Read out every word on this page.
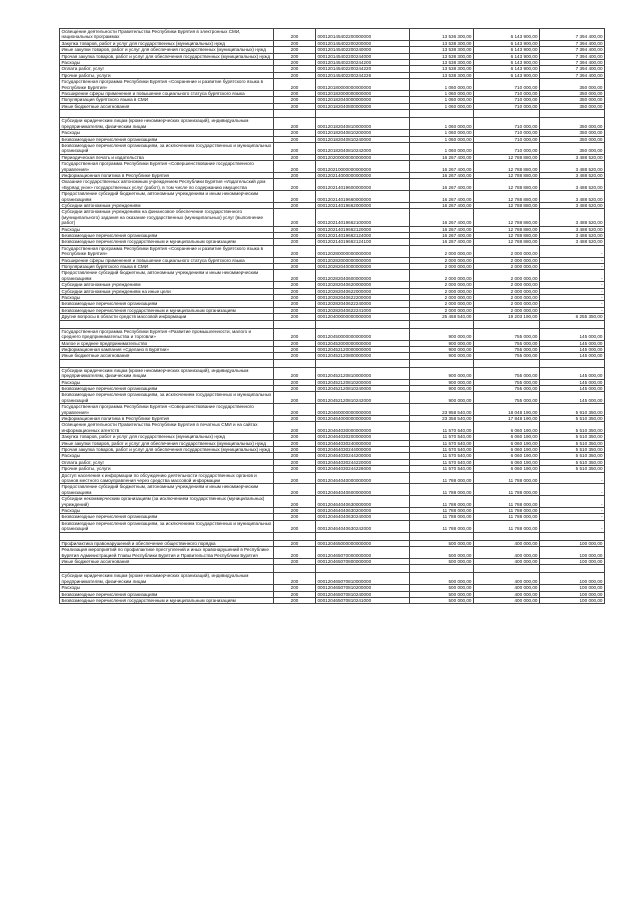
Освещение деятельности Правительства Республики Бурятия в электронных СМИ, национальных программах	200	000120145402200000000	13 536 300,00	6 143 900,00	7 394 400,00
Закупка товаров, работ и услуг для государственных (муниципальных) нужд	200	000120145402200200000	13 538 300,00	6 143 900,00	7 394 400,00
Иные закупки товаров, работ и услуг для обеспечения государственных (муниципальных) нужд	200	000120145402200240000	13 538 300,00	6 143 900,00	7 394 400,00
Прочая закупка товаров, работ и услуг для обеспечения государственных (муниципальных) нужд	200	000120145402200244000	13 538 300,00	6 143 900,00	7 394 400,00
Расходы	200	000120145402200244200	13 538 300,00	6 143 900,00	7 394 400,00
Оплата работ, услуг	200	000120145402200244220	13 538 300,00	6 143 900,00	7 394 400,00
Прочие работы, услуги	200	000120145402200244226	13 538 300,00	6 143 900,00	7 394 400,00
Государственная программа Республики Бурятия «Сохранение и развитие бурятского языка в Республике Бурятия»	200	000120180000000000000	1 060 000,00	710 000,00	350 000,00
Расширение сферы применения и повышение социального статуса бурятского языка	200	000120182000000000000	1 060 000,00	710 000,00	350 000,00
Популяризация бурятского языка в СМИ	200	000120182040000000000	1 060 000,00	710 000,00	350 000,00
Иные бюджетные ассигнования	200	000120182040800000000	1 060 000,00	710 000,00	350 000,00

Субсидии юридическим лицам (кроме некоммерческих организаций), индивидуальным предпринимателям, физическим лицам	200	000120182040810000000	1 060 000,00	710 000,00	350 000,00
Расходы	200	000120182040810200000	1 060 000,00	710 000,00	350 000,00
Безвозмездные перечисления организациям	200	000120182040810240000	1 060 000,00	710 000,00	350 000,00
Безвозмездные перечисления организациям, за исключением государственных и муниципальных организаций	200	000120182040810242000	1 060 000,00	710 000,00	350 000,00
Периодическая печать и издательства	200	000120200000000000000	16 267 400,00	12 788 880,00	3 488 520,00
Государственная программа Республики Бурятия «Совершенствование государственного управления»	200	000120210000000000000	16 267 400,00	12 788 880,00	3 488 520,00
Информационная политика в Республике Бурятия	200	000120214000000000000	16 267 400,00	12 788 880,00	3 488 520,00
Оказание государственных автономным учреждением Республики Бурятия «Издательский дом «Буряад унэн» государственных услуг (работ), в том числе по содержанию имущества	200	000120214019600000000	16 267 400,00	12 788 880,00	3 488 520,00
Предоставление субсидий бюджетным, автономным учреждениям и иным некоммерческим организациям	200	000120214019660000000	16 267 400,00	12 788 880,00	3 488 520,00
Субсидии автономным учреждениям	200	000120214019662000000	16 267 400,00	12 788 880,00	3 488 520,00
Субсидии автономным учреждениям на финансовое обеспечение государственного (муниципального) задания на оказание государственных (муниципальных) услуг (выполнение работ)	200	000120214019662100000	16 267 400,00	12 788 880,00	3 488 520,00
Расходы	200	000120214019662120000	16 267 400,00	12 788 880,00	3 488 520,00
Безвозмездные перечисления организациям	200	000120214019662124000	16 267 400,00	12 788 880,00	3 488 520,00
Безвозмездные перечисления государственным и муниципальным организациям	200	000120214019662124100	16 267 400,00	12 788 880,00	3 488 520,00
Государственная программа Республики Бурятия «Сохранение и развитие бурятского языка в Республике Бурятия»	200	000120280000000000000	2 000 000,00	2 000 000,00	-
Расширение сферы применения и повышение социального статуса бурятского языка	200	000120282000000000000	2 000 000,00	2 000 000,00	-
Популяризация бурятского языка в СМИ	200	000120282040000000000	2 000 000,00	2 000 000,00	-
Предоставление субсидий бюджетным, автономным учреждениям и иным некоммерческим организациям	200	000120282040600000000	2 000 000,00	2 000 000,00	-
Субсидии автономным учреждениям	200	000120282040620000000	2 000 000,00	2 000 000,00	-
Субсидии автономным учреждениям на иные цели	200	000120282040622000000	2 000 000,00	2 000 000,00	-
Расходы	200	000120282040622200000	2 000 000,00	2 000 000,00	-
Безвозмездные перечисления организациям	200	000120282040622240000	2 000 000,00	2 000 000,00	-
Безвозмездные перечисления государственным и муниципальным организациям	200	000120282040622241000	2 000 000,00	2 000 000,00	-
Другие вопросы в области средств массовой информации	200	000120400000000000000	25 458 540,00	19 203 190,00	6 255 350,00

Государственная программа Республики Бурятия «Развитие промышленности, малого и среднего предпринимательства и торговли»	200	000120450000000000000	900 000,00	755 000,00	145 000,00
Малое и среднее предпринимательство	200	000120452000000000000	900 000,00	755 000,00	145 000,00
Информационная кампания «Сделано в Бурятии»	200	000120452120000000000	900 000,00	755 000,00	145 000,00
Иные бюджетные ассигнования	200	000120452120800000000	900 000,00	755 000,00	145 000,00

Субсидии юридическим лицам (кроме некоммерческих организаций), индивидуальным предпринимателям, физическим лицам	200	000120452120810000000	900 000,00	755 000,00	145 000,00
Расходы	200	000120452120810200000	900 000,00	755 000,00	145 000,00
Безвозмездные перечисления организациям	200	000120452120810240000	900 000,00	755 000,00	145 000,00
Безвозмездные перечисления организациям, за исключением государственных и муниципальных организаций	200	000120452120810242000	900 000,00	755 000,00	145 000,00
Государственная программа Республики Бурятия «Совершенствование государственного управления»	200	000120460000000000000	23 958 540,00	18 048 190,00	5 910 350,00
Информационная политика в Республике Бурятия	200	000120464000000000000	23 358 540,00	17 848 190,00	5 510 350,00
Освещение деятельности Правительства Республики Бурятия в печатных СМИ и на сайтах информационных агентств	200	000120464030000000000	11 570 540,00	6 060 190,00	5 510 350,00
Закупка товаров, работ и услуг для государственных (муниципальных) нужд	200	000120464030200000000	11 570 540,00	6 060 190,00	5 510 350,00
Иные закупки товаров, работ и услуг для обеспечения государственных (муниципальных) нужд	200	000120464030240000000	11 570 540,00	6 060 190,00	5 510 350,00
Прочая закупка товаров, работ и услуг для обеспечения государственных (муниципальных) нужд	200	000120464030244000000	11 570 540,00	6 060 190,00	5 510 350,00
Расходы	200	000120464030244200000	11 570 540,00	6 060 190,00	5 510 350,00
Оплата работ, услуг	200	000120464030244220000	11 570 540,00	6 060 190,00	5 510 350,00
Прочие работы, услуги	200	000120464030244226000	11 570 540,00	6 060 190,00	5 510 350,00
Доступ населения к информации по обсуждению деятельности государственных органов и органов местного самоуправления через средства массовой информации	200	000120464040000000000	11 788 000,00	11 788 000,00	-
Предоставление субсидий бюджетным, автономным учреждениям и иным некоммерческим организациям	200	000120464040600000000	11 788 000,00	11 788 000,00	-
Субсидии некоммерческим организациям (за исключением государственных (муниципальных) учреждений)	200	000120464040630000000	11 788 000,00	11 788 000,00	-
Расходы	200	000120464040630200000	11 788 000,00	11 788 000,00	-
Безвозмездные перечисления организациям	200	000120464040630240000	11 788 000,00	11 788 000,00	-
Безвозмездные перечисления организациям, за исключением государственных и муниципальных организаций	200	000120464040630242000	11 788 000,00	11 788 000,00	-

Профилактика правонарушений и обеспечение общественного порядка	200	000120465000000000000	500 000,00	400 000,00	100 000,00
Реализация мероприятий по профилактике преступлений и иных правонарушений в Республике Бурятия Администрацией Главы Республики Бурятия и Правительства Республики Бурятия	200	000120465070000000000	500 000,00	400 000,00	100 000,00
Иные бюджетные ассигнования	200	000120465070800000000	500 000,00	400 000,00	100 000,00

Субсидии юридическим лицам (кроме некоммерческих организаций), индивидуальным предпринимателям, физическим лицам	200	000120465070810000000	500 000,00	400 000,00	100 000,00
Расходы	200	000120465070810200000	500 000,00	400 000,00	100 000,00
Безвозмездные перечисления организациям	200	000120465070810240000	500 000,00	400 000,00	100 000,00
Безвозмездные перечисления государственным и муниципальным организациям	200	000120465070810241000	500 000,00	400 000,00	100 000,00
